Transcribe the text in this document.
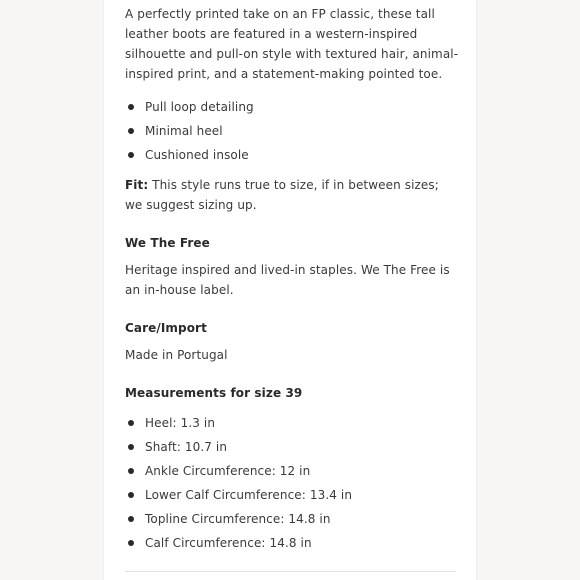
A perfectly printed take on an FP classic, these tall leather boots are featured in a western-inspired silhouette and pull-on style with textured hair, animal-inspired print, and a statement-making pointed toe.

Pull loop detailing
Minimal heel
Cushioned insole

Fit: This style runs true to size, if in between sizes; we suggest sizing up.

We The Free

Heritage inspired and lived-in staples. We The Free is an in-house label.

Care/Import

Made in Portugal

Measurements for size 39
Heel: 1.3 in
Shaft: 10.7 in
Ankle Circumference: 12 in
Lower Calf Circumference: 13.4 in
Topline Circumference: 14.8 in
Calf Circumference: 14.8 in
